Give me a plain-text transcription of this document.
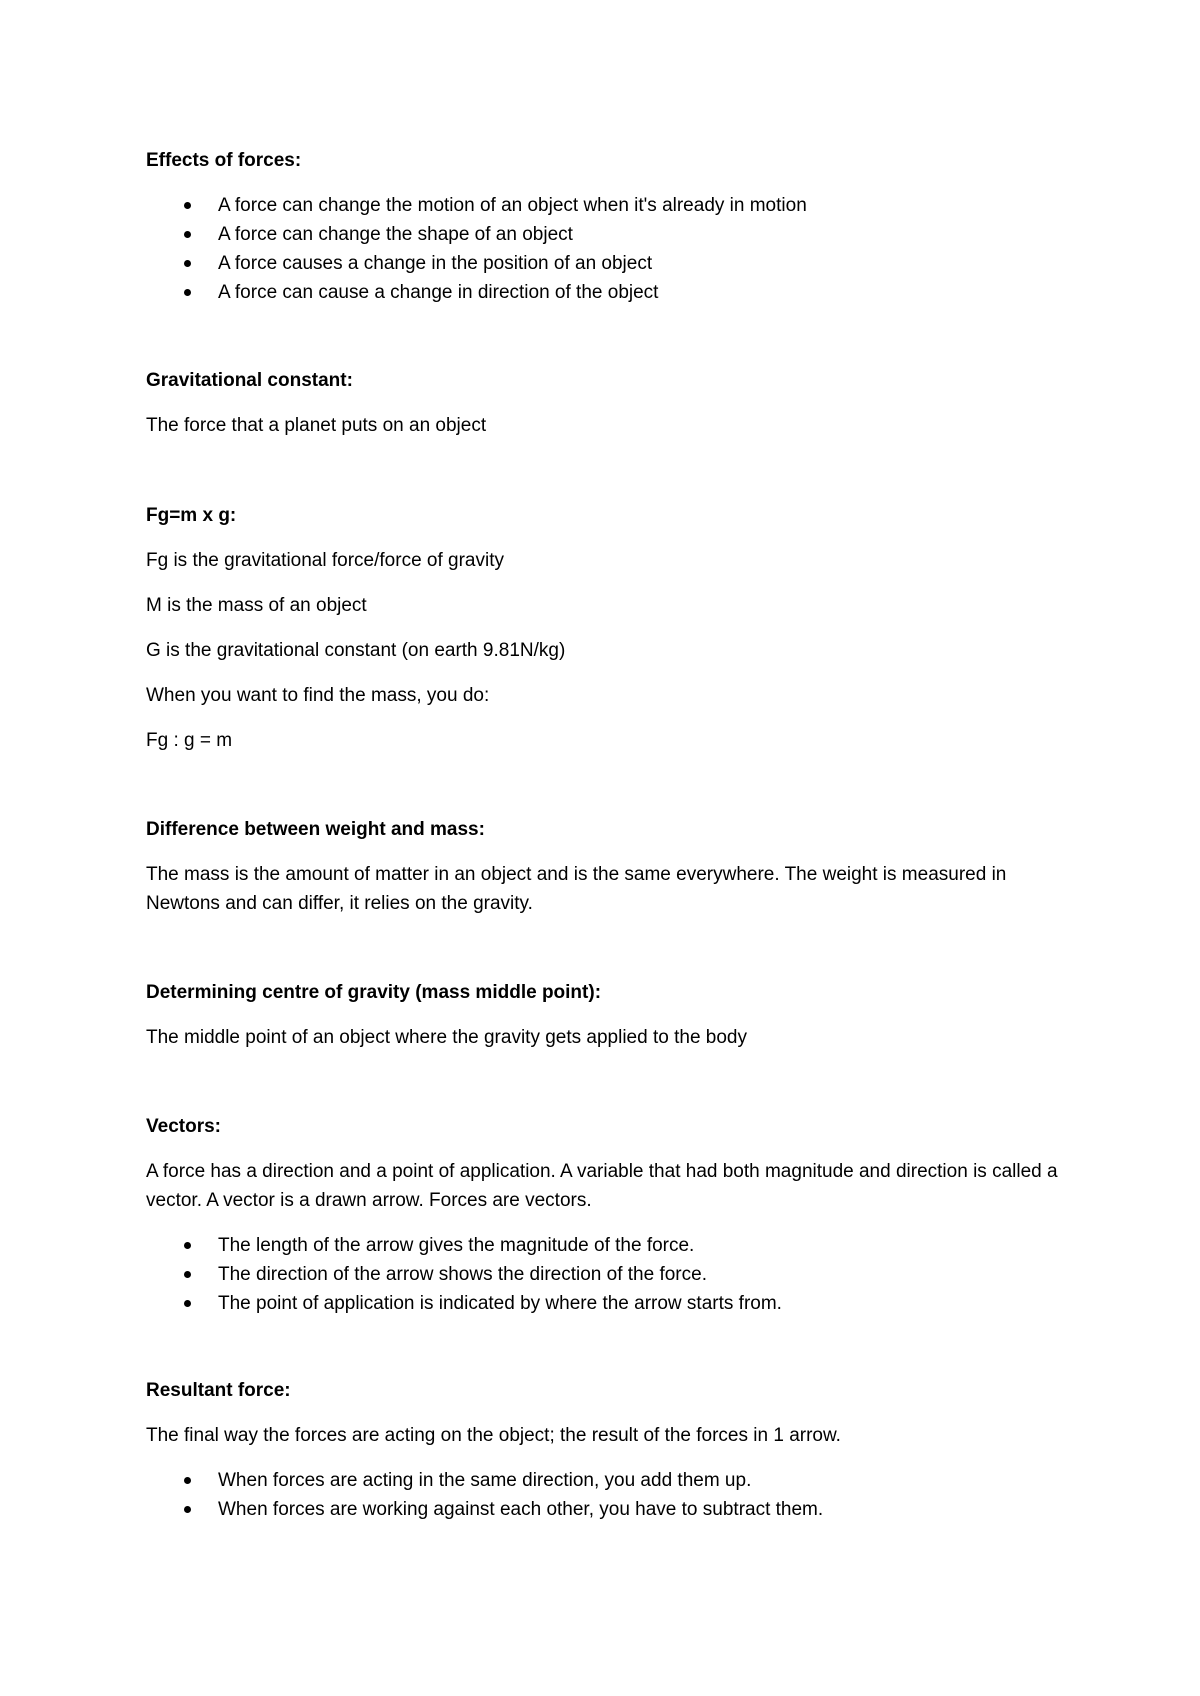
Effects of forces:

A force can change the motion of an object when it's already in motion
A force can change the shape of an object
A force causes a change in the position of an object
A force can cause a change in direction of the object

Gravitational constant:

The force that a planet puts on an object

Fg=m x g:

Fg is the gravitational force/force of gravity

M is the mass of an object

G is the gravitational constant (on earth 9.81N/kg)

When you want to find the mass, you do:

Fg : g = m

Difference between weight and mass:

The mass is the amount of matter in an object and is the same everywhere. The weight is measured in Newtons and can differ, it relies on the gravity.

Determining centre of gravity (mass middle point):

The middle point of an object where the gravity gets applied to the body

Vectors:

A force has a direction and a point of application. A variable that had both magnitude and direction is called a vector. A vector is a drawn arrow. Forces are vectors.

The length of the arrow gives the magnitude of the force.
The direction of the arrow shows the direction of the force.
The point of application is indicated by where the arrow starts from.

Resultant force:

The final way the forces are acting on the object; the result of the forces in 1 arrow.

When forces are acting in the same direction, you add them up.
When forces are working against each other, you have to subtract them.
